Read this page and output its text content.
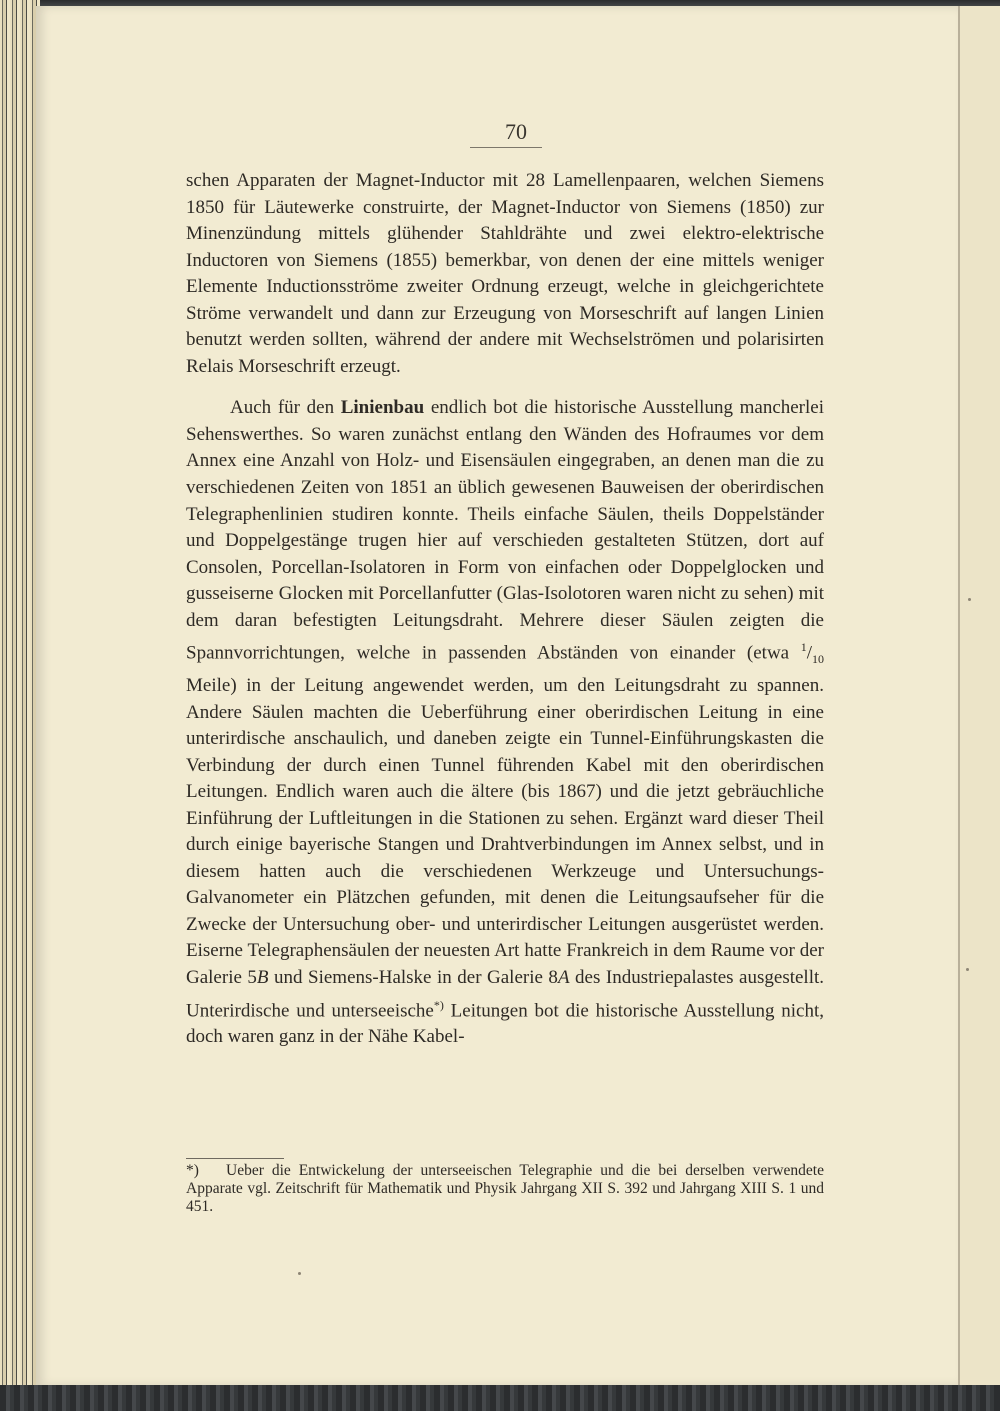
70

schen Apparaten der Magnet-Inductor mit 28 Lamellenpaaren, welchen Siemens 1850 für Läutewerke construirte, der Magnet-Inductor von Siemens (1850) zur Minenzündung mittels glühender Stahldrähte und zwei elektro-elektrische Inductoren von Siemens (1855) bemerkbar, von denen der eine mittels weniger Elemente Inductionsströme zweiter Ordnung erzeugt, welche in gleichgerichtete Ströme verwandelt und dann zur Erzeugung von Morseschrift auf langen Linien benutzt werden sollten, während der andere mit Wechselströmen und polarisirten Relais Morseschrift erzeugt.

Auch für den Linienbau endlich bot die historische Ausstellung mancherlei Sehenswerthes. So waren zunächst entlang den Wänden des Hofraumes vor dem Annex eine Anzahl von Holz- und Eisensäulen eingegraben, an denen man die zu verschiedenen Zeiten von 1851 an üblich gewesenen Bauweisen der oberirdischen Telegraphenlinien studiren konnte. Theils einfache Säulen, theils Doppelständer und Doppelgestänge trugen hier auf verschieden gestalteten Stützen, dort auf Consolen, Porcellan-Isolatoren in Form von einfachen oder Doppelglocken und gusseiserne Glocken mit Porcellanfutter (Glas-Isolotoren waren nicht zu sehen) mit dem daran befestigten Leitungsdraht. Mehrere dieser Säulen zeigten die Spannvorrichtungen, welche in passenden Abständen von einander (etwa $^1/_{10}$ Meile) in der Leitung angewendet werden, um den Leitungsdraht zu spannen. Andere Säulen machten die Ueberführung einer oberirdischen Leitung in eine unterirdische anschaulich, und daneben zeigte ein Tunnel-Einführungskasten die Verbindung der durch einen Tunnel führenden Kabel mit den oberirdischen Leitungen. Endlich waren auch die ältere (bis 1867) und die jetzt gebräuchliche Einführung der Luftleitungen in die Stationen zu sehen. Ergänzt ward dieser Theil durch einige bayerische Stangen und Drahtverbindungen im Annex selbst, und in diesem hatten auch die verschiedenen Werkzeuge und Untersuchungs-Galvanometer ein Plätzchen gefunden, mit denen die Leitungsaufseher für die Zwecke der Untersuchung ober- und unterirdischer Leitungen ausgerüstet werden. Eiserne Telegraphensäulen der neuesten Art hatte Frankreich in dem Raume vor der Galerie 5B und Siemens-Halske in der Galerie 8A des Industriepalastes ausgestellt. Unterirdische und unterseeische*) Leitungen bot die historische Ausstellung nicht, doch waren ganz in der Nähe Kabel-

*) Ueber die Entwickelung der unterseeischen Telegraphie und die bei derselben verwendete Apparate vgl. Zeitschrift für Mathematik und Physik Jahrgang XII S. 392 und Jahrgang XIII S. 1 und 451.
